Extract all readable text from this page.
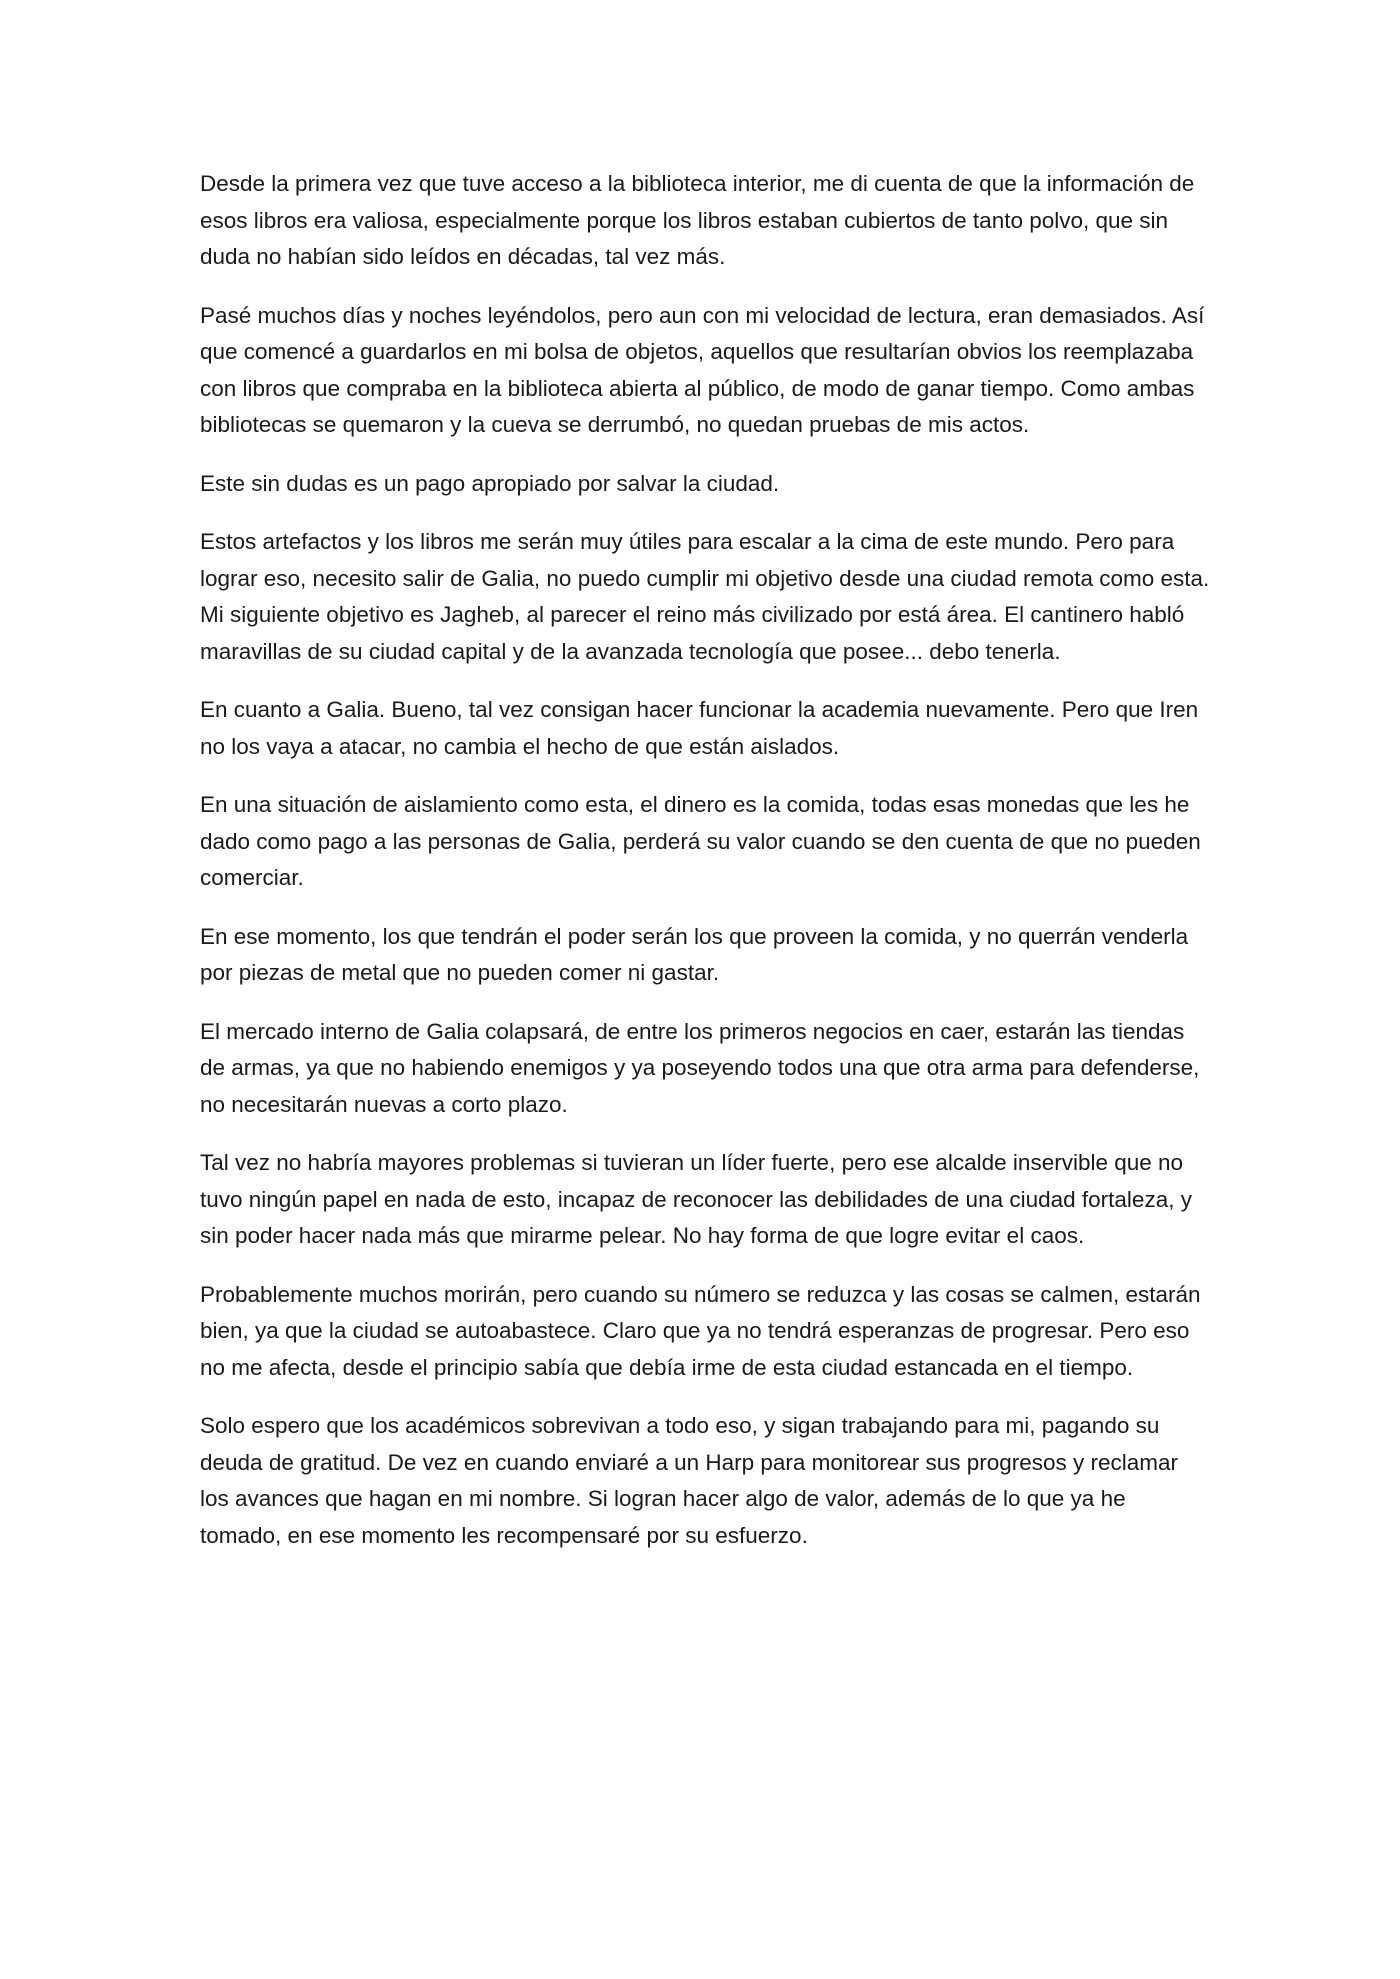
Desde la primera vez que tuve acceso a la biblioteca interior, me di cuenta de que la información de esos libros era valiosa, especialmente porque los libros estaban cubiertos de tanto polvo, que sin duda no habían sido leídos en décadas, tal vez más.

Pasé muchos días y noches leyéndolos, pero aun con mi velocidad de lectura, eran demasiados. Así que comencé a guardarlos en mi bolsa de objetos, aquellos que resultarían obvios los reemplazaba con libros que compraba en la biblioteca abierta al público, de modo de ganar tiempo. Como ambas bibliotecas se quemaron y la cueva se derrumbó, no quedan pruebas de mis actos.

Este sin dudas es un pago apropiado por salvar la ciudad.

Estos artefactos y los libros me serán muy útiles para escalar a la cima de este mundo. Pero para lograr eso, necesito salir de Galia, no puedo cumplir mi objetivo desde una ciudad remota como esta. Mi siguiente objetivo es Jagheb, al parecer el reino más civilizado por está área. El cantinero habló maravillas de su ciudad capital y de la avanzada tecnología que posee... debo tenerla.

En cuanto a Galia. Bueno, tal vez consigan hacer funcionar la academia nuevamente. Pero que Iren no los vaya a atacar, no cambia el hecho de que están aislados.

En una situación de aislamiento como esta, el dinero es la comida, todas esas monedas que les he dado como pago a las personas de Galia, perderá su valor cuando se den cuenta de que no pueden comerciar.

En ese momento, los que tendrán el poder serán los que proveen la comida, y no querrán venderla por piezas de metal que no pueden comer ni gastar.

El mercado interno de Galia colapsará, de entre los primeros negocios en caer, estarán las tiendas de armas, ya que no habiendo enemigos y ya poseyendo todos una que otra arma para defenderse, no necesitarán nuevas a corto plazo.

Tal vez no habría mayores problemas si tuvieran un líder fuerte, pero ese alcalde inservible que no tuvo ningún papel en nada de esto, incapaz de reconocer las debilidades de una ciudad fortaleza, y sin poder hacer nada más que mirarme pelear. No hay forma de que logre evitar el caos.

Probablemente muchos morirán, pero cuando su número se reduzca y las cosas se calmen, estarán bien, ya que la ciudad se autoabastece. Claro que ya no tendrá esperanzas de progresar. Pero eso no me afecta, desde el principio sabía que debía irme de esta ciudad estancada en el tiempo.

Solo espero que los académicos sobrevivan a todo eso, y sigan trabajando para mi, pagando su deuda de gratitud. De vez en cuando enviaré a un Harp para monitorear sus progresos y reclamar los avances que hagan en mi nombre. Si logran hacer algo de valor, además de lo que ya he tomado, en ese momento les recompensaré por su esfuerzo.
